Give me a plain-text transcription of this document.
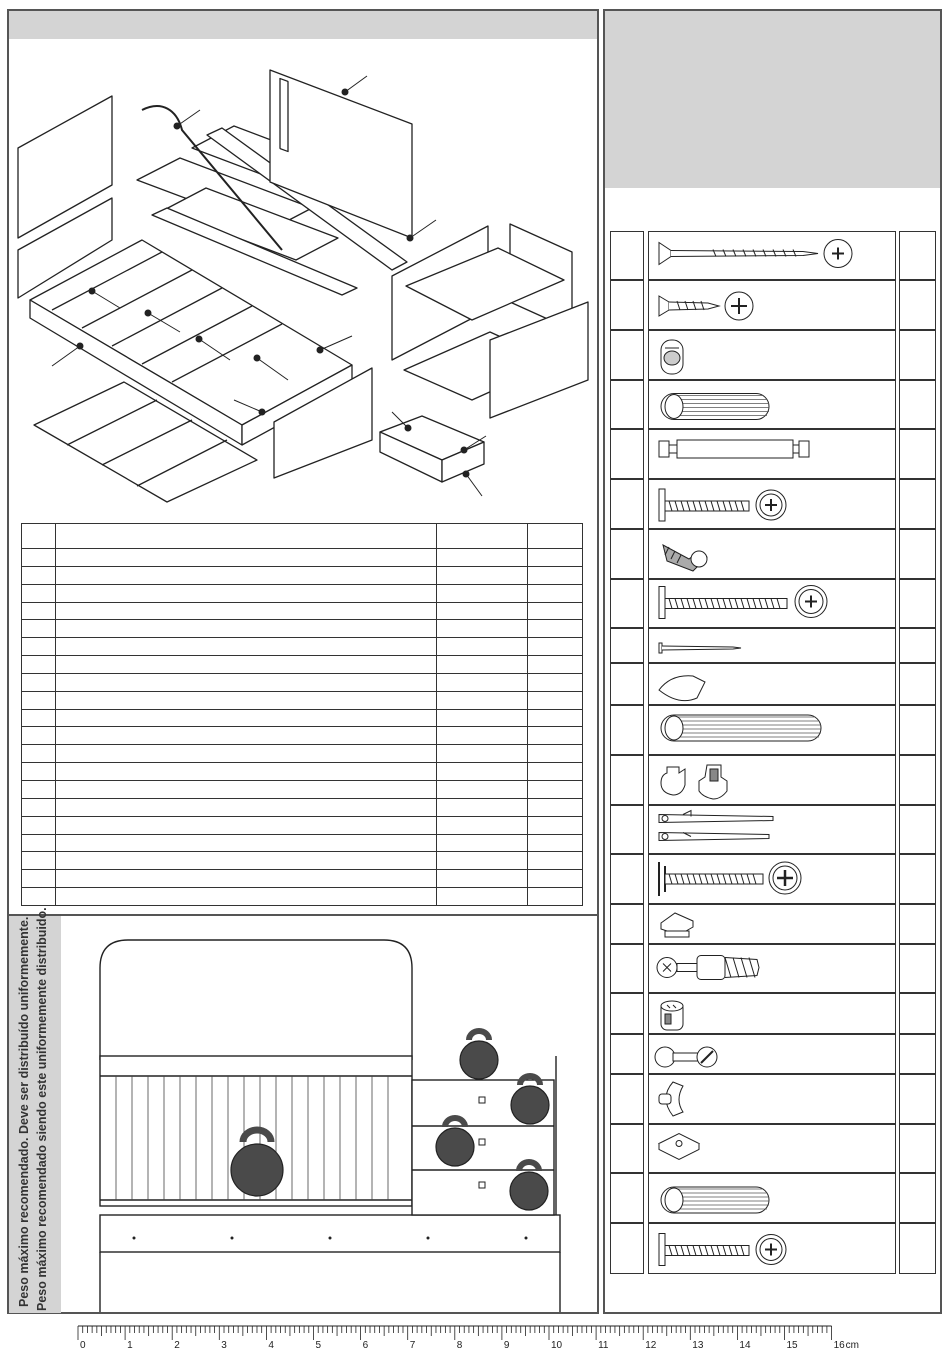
Peso máximo recomendado. Deve ser distribuído uniformemente. Peso máximo recomendado siendo este uniformemente distribuido.
0	1	2	3	4	5	6	7	8	9	10	11	12	13	14	15	16 cm
